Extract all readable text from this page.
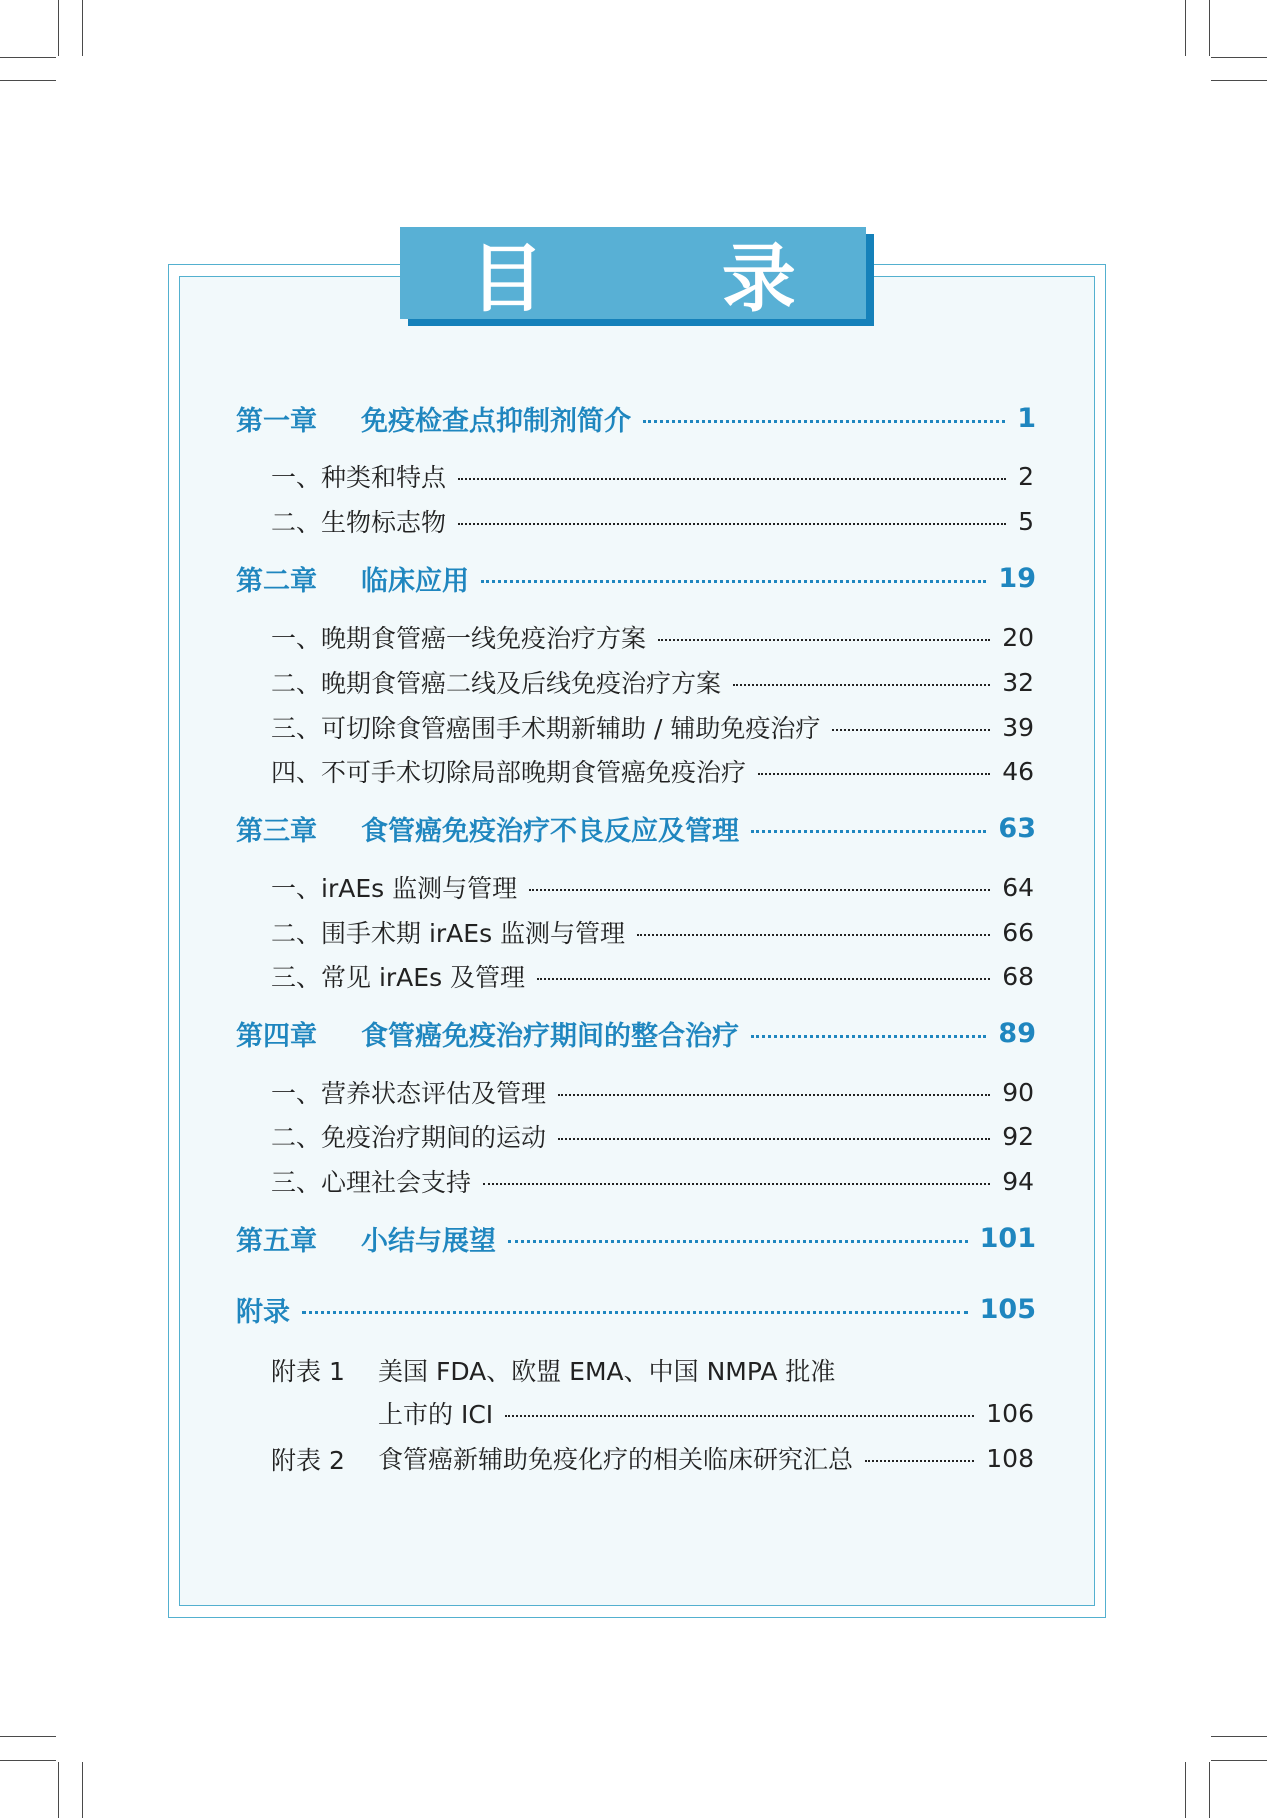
目 录
第一章	免疫检查点抑制剂简介	1
一、种类和特点	2
二、生物标志物	5
第二章	临床应用	19
一、晚期食管癌一线免疫治疗方案	20
二、晚期食管癌二线及后线免疫治疗方案	32
三、可切除食管癌围手术期新辅助 / 辅助免疫治疗	39
四、不可手术切除局部晚期食管癌免疫治疗	46
第三章	食管癌免疫治疗不良反应及管理	63
一、irAEs 监测与管理	64
二、围手术期 irAEs 监测与管理	66
三、常见 irAEs 及管理	68
第四章	食管癌免疫治疗期间的整合治疗	89
一、营养状态评估及管理	90
二、免疫治疗期间的运动	92
三、心理社会支持	94
第五章	小结与展望	101
附录	105
附表 1 美国 FDA、欧盟 EMA、中国 NMPA 批准
上市的 ICI	106
附表 2 食管癌新辅助免疫化疗的相关临床研究汇总	108
